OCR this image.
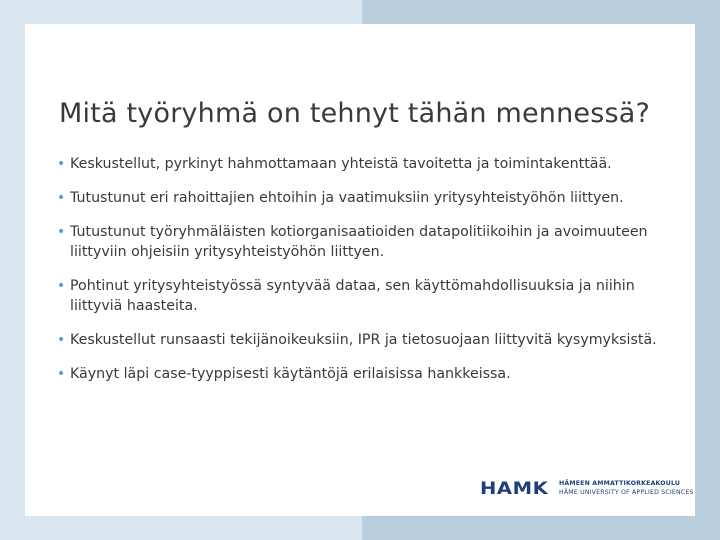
Mitä työryhmä on tehnyt tähän mennessä?
• Keskustellut, pyrkinyt hahmottamaan yhteistä tavoitetta ja toimintakenttää.
• Tutustunut eri rahoittajien ehtoihin ja vaatimuksiin yritysyhteistyöhön liittyen.
• Tutustunut työryhmäläisten kotiorganisaatioiden datapolitiikoihin ja avoimuuteen liittyviin ohjeisiin yritysyhteistyöhön liittyen.
• Pohtinut yritysyhteistyössä syntyvää dataa, sen käyttömahdollisuuksia ja niihin liittyviä haasteita.
• Keskustellut runsaasti tekijänoikeuksiin, IPR ja tietosuojaan liittyvitä kysymyksistä.
• Käynyt läpi case-tyyppisesti käytäntöjä erilaisissa hankkeissa.
HAMK HÄMEEN AMMATTIKORKEAKOULU
HÄME UNIVERSITY OF APPLIED SCIENCES
